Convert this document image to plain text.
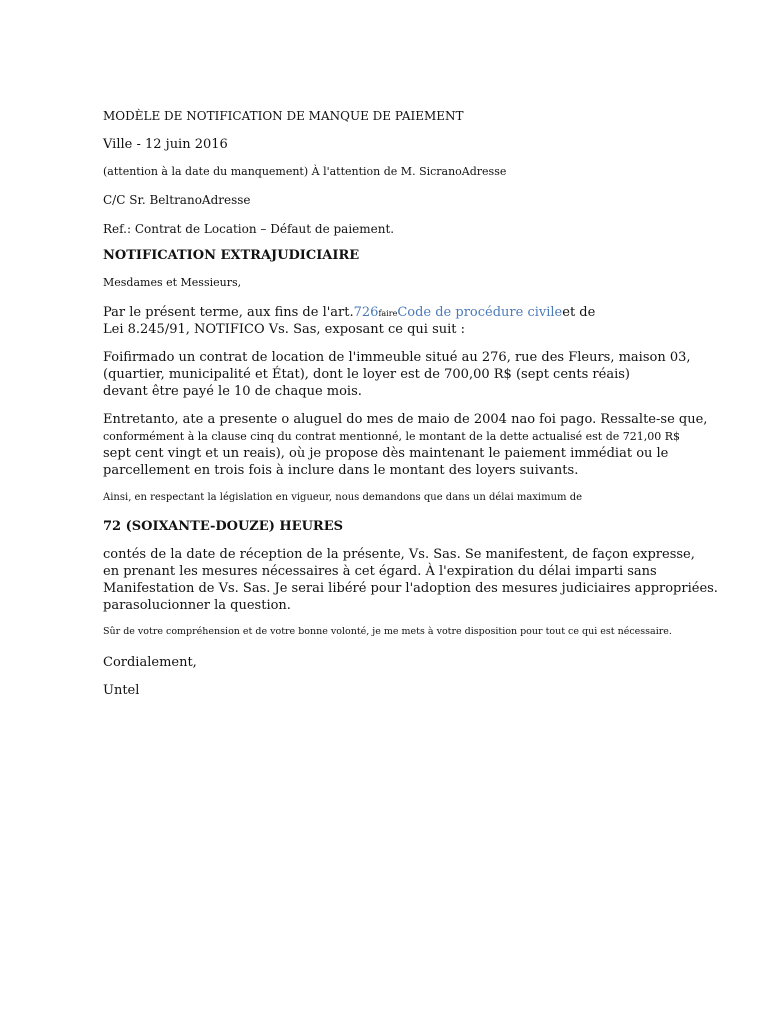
MODÈLE DE NOTIFICATION DE MANQUE DE PAIEMENT
Ville - 12 juin 2016
(attention à la date du manquement) À l'attention de M. SicranoAdresse
C/C Sr. BeltranoAdresse
Ref.: Contrat de Location – Défaut de paiement.
NOTIFICATION EXTRAJUDICIAIRE
Mesdames et Messieurs,
Par le présent terme, aux fins de l'art.726faireCode de procédure civileet de
Lei 8.245/91, NOTIFICO Vs. Sas, exposant ce qui suit :
Foifirmado un contrat de location de l'immeuble situé au 276, rue des Fleurs, maison 03,
(quartier, municipalité et État), dont le loyer est de 700,00 R$ (sept cents réais)
devant être payé le 10 de chaque mois.
Entretanto, ate a presente o aluguel do mes de maio de 2004 nao foi pago. Ressalte-se que,
conformément à la clause cinq du contrat mentionné, le montant de la dette actualisé est de 721,00 R$
sept cent vingt et un reais), où je propose dès maintenant le paiement immédiat ou le
parcellement en trois fois à inclure dans le montant des loyers suivants.
Ainsi, en respectant la législation en vigueur, nous demandons que dans un délai maximum de
72 (SOIXANTE-DOUZE) HEURES
contés de la date de réception de la présente, Vs. Sas. Se manifestent, de façon expresse,
en prenant les mesures nécessaires à cet égard. À l'expiration du délai imparti sans
Manifestation de Vs. Sas. Je serai libéré pour l'adoption des mesures judiciaires appropriées.
parasolucionner la question.
Sûr de votre compréhension et de votre bonne volonté, je me mets à votre disposition pour tout ce qui est nécessaire.
Cordialement,
Untel
